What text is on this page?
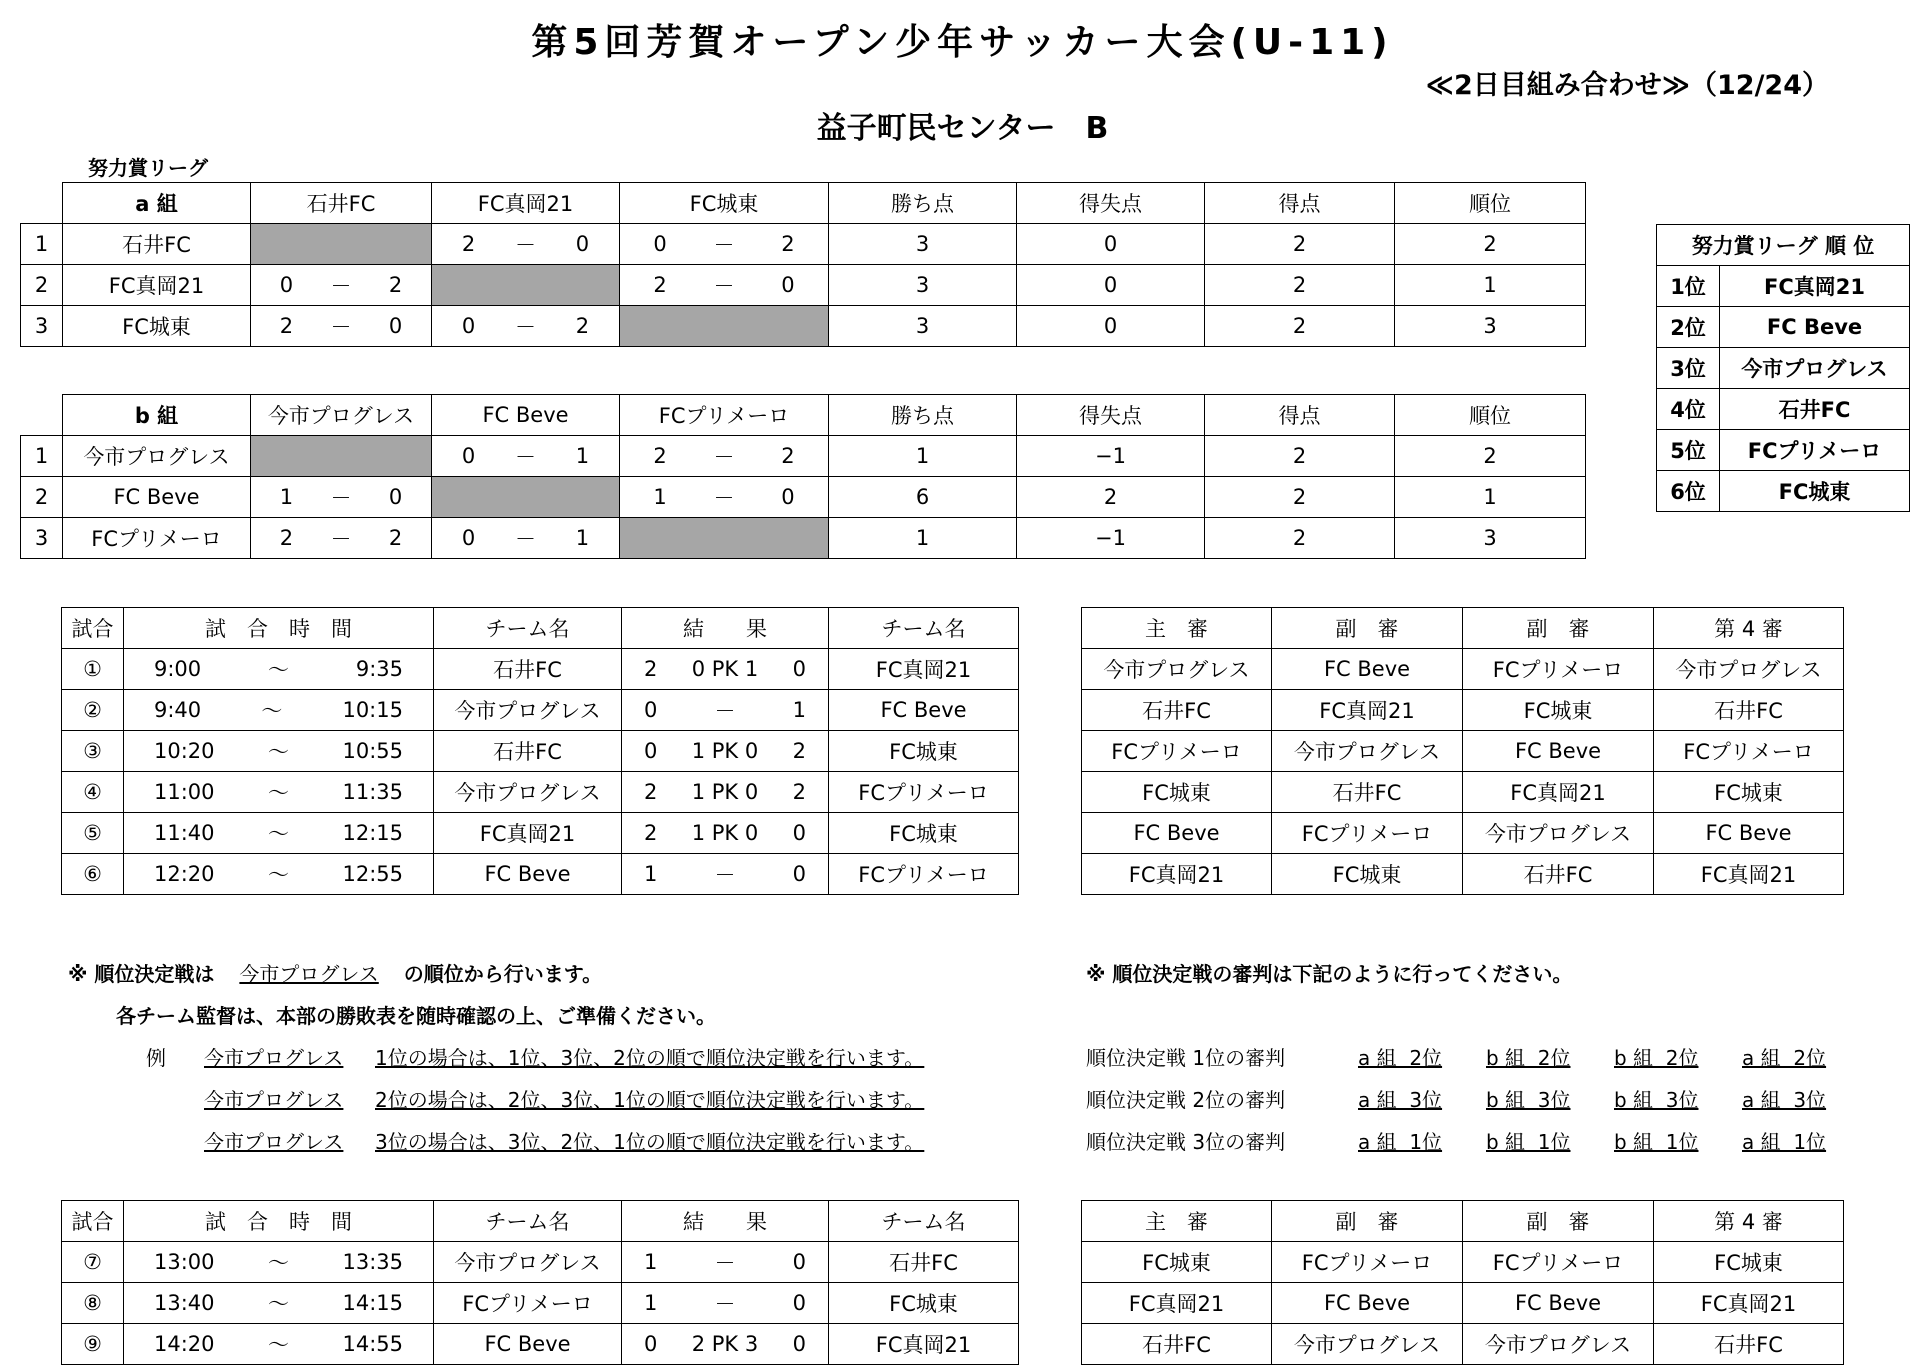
第5回芳賀オープン少年サッカー大会(U-11)
≪2日目組み合わせ≫（12/24）
益子町民センター　B
努力賞リーグ
	a 組	石井FC	FC真岡21	FC城東	勝ち点	得失点	得点	順位
1	石井FC		2 － 0	0 － 2	3	0	2	2
2	FC真岡21	0 － 2		2 － 0	3	0	2	1
3	FC城東	2 － 0	0 － 2		3	0	2	3
	b 組	今市プログレス	FC Beve	FCプリメーロ	勝ち点	得失点	得点	順位
1	今市プログレス		0 － 1	2 － 2	1	−1	2	2
2	FC Beve	1 － 0		1 － 0	6	2	2	1
3	FCプリメーロ	2 － 2	0 － 1		1	−1	2	3
努力賞リーグ 順 位	
1位	FC真岡21
2位	FC Beve
3位	今市プログレス
4位	石井FC
5位	FCプリメーロ
6位	FC城東
試合	試　合　時　間	チーム名	結　　果	チーム名
①	9:00 ～ 9:35	石井FC	2 0 PK 1 0	FC真岡21
②	9:40 ～ 10:15	今市プログレス	0 － 1	FC Beve
③	10:20 ～ 10:55	石井FC	0 1 PK 0 2	FC城東
④	11:00 ～ 11:35	今市プログレス	2 1 PK 0 2	FCプリメーロ
⑤	11:40 ～ 12:15	FC真岡21	2 1 PK 0 0	FC城東
⑥	12:20 ～ 12:55	FC Beve	1 － 0	FCプリメーロ
主　審	副　審	副　審	第 4 審
今市プログレス	FC Beve	FCプリメーロ	今市プログレス
石井FC	FC真岡21	FC城東	石井FC
FCプリメーロ	今市プログレス	FC Beve	FCプリメーロ
FC城東	石井FC	FC真岡21	FC城東
FC Beve	FCプリメーロ	今市プログレス	FC Beve
FC真岡21	FC城東	石井FC	FC真岡21
試合	試　合　時　間	チーム名	結　　果	チーム名
⑦	13:00 ～ 13:35	今市プログレス	1 － 0	石井FC
⑧	13:40 ～ 14:15	FCプリメーロ	1 － 0	FC城東
⑨	14:20 ～ 14:55	FC Beve	0 2 PK 3 0	FC真岡21
主　審	副　審	副　審	第 4 審
FC城東	FCプリメーロ	FCプリメーロ	FC城東
FC真岡21	FC Beve	FC Beve	FC真岡21
石井FC	今市プログレス	今市プログレス	石井FC
※ 順位決定戦は 今市プログレス の順位から行います。
各チーム監督は、本部の勝敗表を随時確認の上、ご準備ください。
例 今市プログレス 1位の場合は、1位、3位、2位の順で順位決定戦を行います。
今市プログレス 2位の場合は、2位、3位、1位の順で順位決定戦を行います。
今市プログレス 3位の場合は、3位、2位、1位の順で順位決定戦を行います。
※ 順位決定戦の審判は下記のように行ってください。
順位決定戦 1位の審判	a 組  2位 b 組  2位 b 組  2位 a 組  2位
順位決定戦 2位の審判	a 組  3位 b 組  3位 b 組  3位 a 組  3位
順位決定戦 3位の審判	a 組  1位 b 組  1位 b 組  1位 a 組  1位
